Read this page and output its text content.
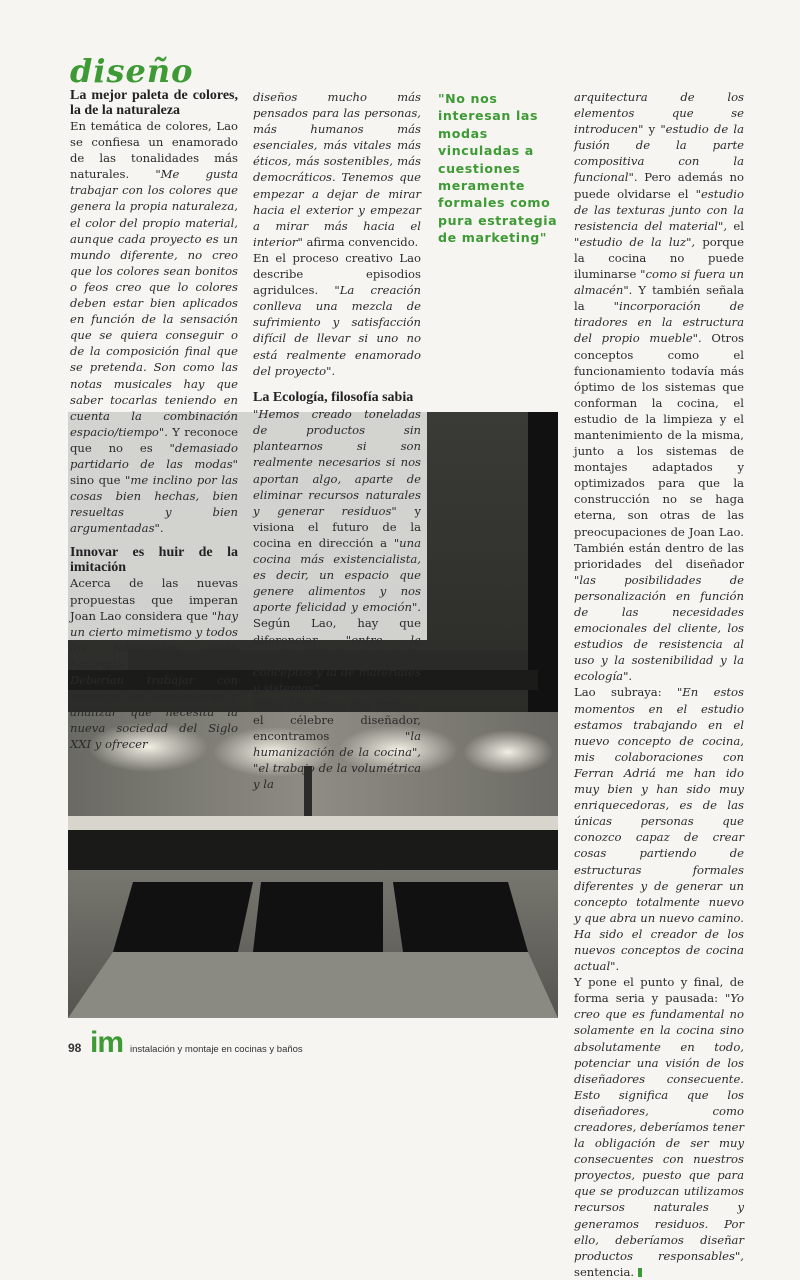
diseño
La mejor paleta de colores, la de la naturaleza

En temática de colores, Lao se confiesa un enamorado de las tonalidades más naturales. "Me gusta trabajar con los colores que genera la propia naturaleza, el color del propio material, aunque cada proyecto es un mundo diferente, no creo que los colores sean bonitos o feos creo que lo colores deben estar bien aplicados en función de la sensación que se quiera conseguir o de la composición final que se pretenda. Son como las notas musicales hay que saber tocarlas teniendo en cuenta la combinación espacio/tiempo". Y reconoce que no es "demasiado partidario de las modas" sino que "me inclino por las cosas bien hechas, bien resueltas y bien argumentadas".

Innovar es huir de la imitación

Acerca de las nuevas propuestas que imperan Joan Lao considera que "hay un cierto mimetismo y todos los fabricantes están haciendo lo mismo. Deberían trabajar con nosotros los diseñadores y analizar qué necesita la nueva sociedad del Siglo XXI y ofrecer

diseños mucho más pensados para las personas, más humanos más esenciales, más vitales más éticos, más sostenibles, más democráticos. Tenemos que empezar a dejar de mirar hacia el exterior y empezar a mirar más hacia el interior" afirma convencido.

En el proceso creativo Lao describe episodios agridulces. "La creación conlleva una mezcla de sufrimiento y satisfacción difícil de llevar si uno no está realmente enamorado del proyecto".

La Ecología, filosofía sabia

"Hemos creado toneladas de productos sin plantearnos si son realmente necesarios si nos aportan algo, aparte de eliminar recursos naturales y generar residuos" y visiona el futuro de la cocina en dirección a "una cocina más existencialista, es decir, un espacio que genere alimentos y nos aporte felicidad y emoción". Según Lao, hay que diferenciar "entre la investigación de I+D+I de conceptos y la de materiales y sistemas".

Entre los temas que destaca el célebre diseñador, encontramos	"la humanización de la cocina", "el trabajo de la volumétrica y la

"No nos interesan las modas vinculadas a cuestiones meramente formales como pura estrategia de marketing"

arquitectura de los elementos que se introducen" y "estudio de la fusión de la parte compositiva con la funcional". Pero además no puede olvidarse el "estudio de las texturas junto con la resistencia del material", el "estudio de la luz", porque la cocina no puede iluminarse "como si fuera un almacén". Y también señala la	"incorporación de tiradores en la estructura del propio mueble". Otros conceptos como el funcionamiento todavía más óptimo de los sistemas que conforman la cocina, el estudio de la limpieza y el mantenimiento de la misma, junto a los sistemas de montajes adaptados y optimizados para que la construcción no se haga eterna, son otras de las preocupaciones de Joan Lao. También están dentro de las prioridades del diseñador "las posibilidades de personalización en función de las necesidades emocionales del cliente, los estudios de resistencia al uso y la sostenibilidad y la ecología".

Lao subraya: "En estos momentos en el estudio estamos trabajando en el nuevo concepto de cocina, mis colaboraciones con Ferran Adriá me han ido muy bien y han sido muy enriquecedoras, es de las únicas personas que conozco capaz de crear cosas partiendo de estructuras formales diferentes y de generar un concepto totalmente nuevo y que abra un nuevo camino. Ha sido el creador de los nuevos conceptos de cocina actual".

Y pone el punto y final, de forma seria y pausada: "Yo creo que es fundamental no solamente en la cocina sino absolutamente en todo, potenciar una visión de los diseñadores consecuente. Esto significa que los diseñadores, como creadores, deberíamos tener la obligación de ser muy consecuentes con nuestros proyectos, puesto que para que se produzcan utilizamos recursos naturales y generamos residuos. Por ello, deberíamos diseñar productos responsables", sentencia.

98 im instalación y montaje en cocinas y baños
